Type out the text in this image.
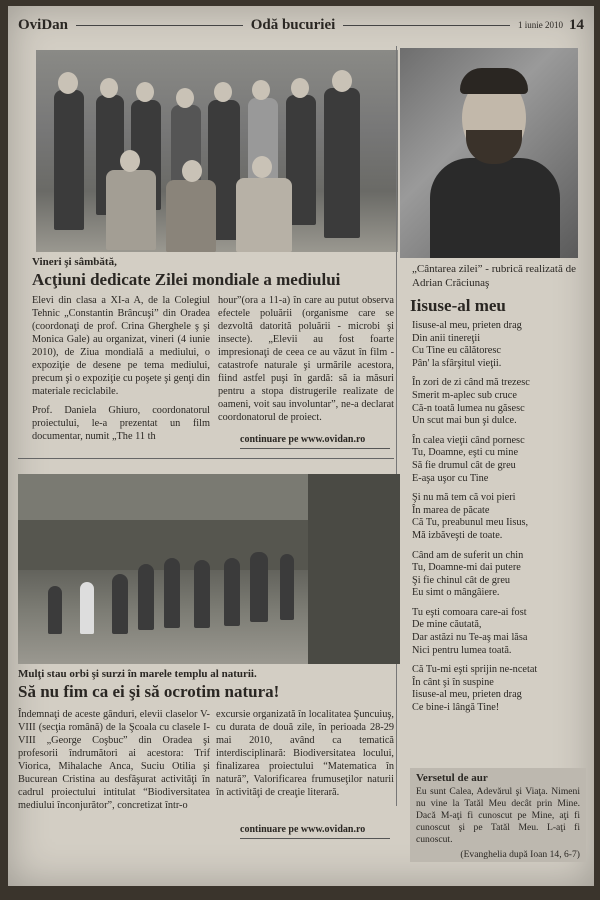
OviDan	Odă bucuriei	1 iunie 2010 14
Vineri şi sâmbătă,
Acţiuni dedicate Zilei mondiale a mediului
Elevi din clasa a XI-a A, de la Colegiul Tehnic „Constantin Brâncuşi” din Oradea (coordonaţi de prof. Crina Gherghele ş şi Monica Gale) au organizat, vineri (4 iunie 2010), de Ziua mondială a mediului, o expoziţie de desene pe tema mediului, precum şi o expoziţie cu poşete şi genţi din materiale reciclabile.
Prof. Daniela Ghiuro, coordonatorul proiectului, le-a prezentat un film documentar, numit „The 11 th
hour”(ora a 11-a) în care au putut observa efectele poluării (organisme care se dezvoltă datorită poluării - microbi şi insecte). „Elevii au fost foarte impresionaţi de ceea ce au văzut în film - catastrofe naturale şi urmările acestora, fiind astfel puşi în gardă: să ia măsuri pentru a stopa distrugerile realizate de oameni, voit sau involuntar”, ne-a declarat coordonatorul de proiect.
continuare pe www.ovidan.ro
Mulţi stau orbi şi surzi în marele templu al naturii.
Să nu fim ca ei şi să ocrotim natura!
Îndemnaţi de aceste gânduri, elevii claselor V-VIII (secţia română) de la Şcoala cu clasele I-VIII „George Coşbuc” din Oradea şi profesorii îndrumători ai acestora: Trif Viorica, Mihalache Anca, Suciu Otilia şi Bucurean Cristina au desfăşurat activităţi în cadrul proiectului intitulat “Biodiversitatea mediului înconjurător”, concretizat într-o
excursie organizată în localitatea Şuncuiuş, cu durata de două zile, în perioada 28-29 mai 2010, având ca tematică interdisciplinară: Biodiversitatea locului, finalizarea proiectului “Matematica în natură”, Valorificarea frumuseţilor naturii în activităţi de creaţie literară.
continuare pe www.ovidan.ro
„Cântarea zilei” - rubrică realizată de Adrian Crăciunaş
Iisuse-al meu
Iisuse-al meu, prieten drag
Din anii tinereţii
Cu Tine eu călătoresc
Pân' la sfârşitul vieţii.
În zori de zi când mă trezesc
Smerit m-aplec sub cruce
Că-n toată lumea nu găsesc
Un scut mai bun şi dulce.
În calea vieţii când pornesc
Tu, Doamne, eşti cu mine
Să fie drumul cât de greu
E-aşa uşor cu Tine
Şi nu mă tem că voi pieri
În marea de păcate
Că Tu, preabunul meu Iisus,
Mă izbăveşti de toate.
Când am de suferit un chin
Tu, Doamne-mi dai putere
Şi fie chinul cât de greu
Eu simt o mângâiere.
Tu eşti comoara care-ai fost
De mine căutată,
Dar astăzi nu Te-aş mai lăsa
Nici pentru lumea toată.
Că Tu-mi eşti sprijin ne-ncetat
În cânt şi în suspine
Iisuse-al meu, prieten drag
Ce bine-i lângă Tine!
Versetul de aur
Eu sunt Calea, Adevărul şi Viaţa. Nimeni nu vine la Tatăl Meu decât prin Mine. Dacă M-aţi fi cunoscut pe Mine, aţi fi cunoscut şi pe Tatăl Meu. L-aţi fi cunoscut.
(Evanghelia după Ioan 14, 6-7)
